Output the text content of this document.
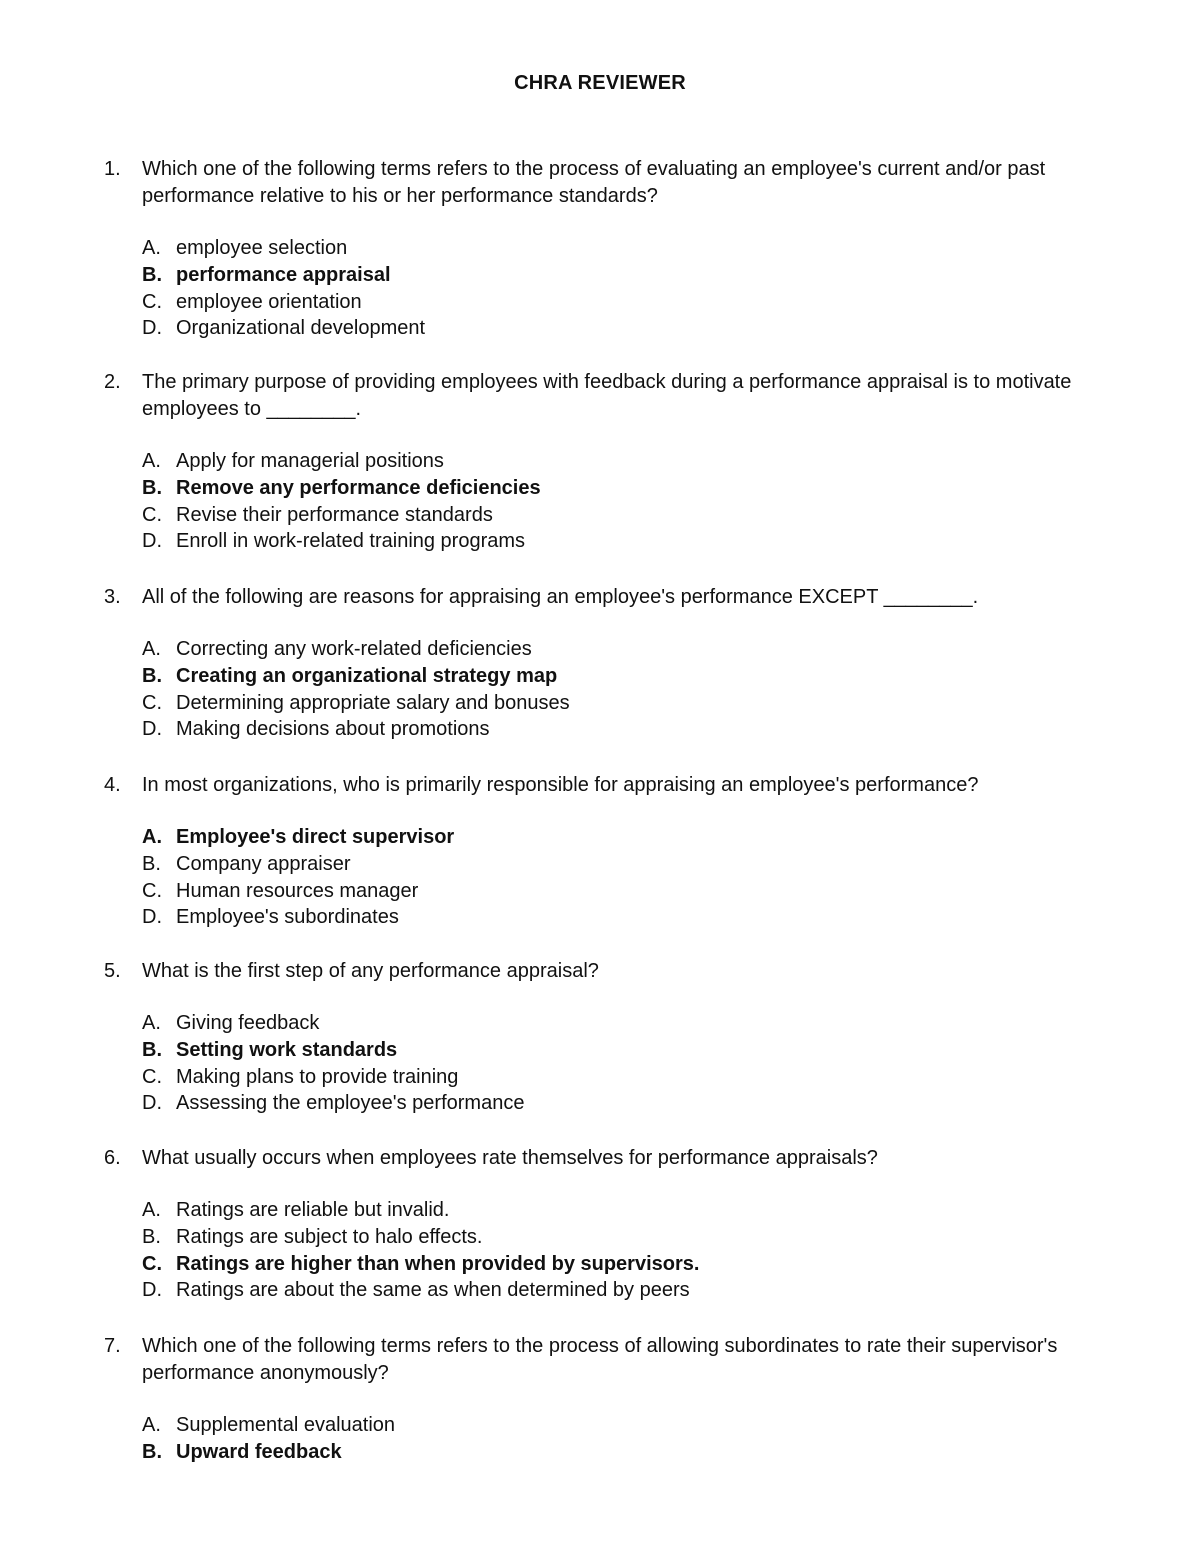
CHRA REVIEWER
1.	Which one of the following terms refers to the process of evaluating an employee's current and/or past performance relative to his or her performance standards?
A. employee selection
B. performance appraisal
C. employee orientation
D. Organizational development
2.	The primary purpose of providing employees with feedback during a performance appraisal is to motivate employees to ________.
A. Apply for managerial positions
B. Remove any performance deficiencies
C. Revise their performance standards
D. Enroll in work-related training programs
3.	All of the following are reasons for appraising an employee's performance EXCEPT ________.
A. Correcting any work-related deficiencies
B. Creating an organizational strategy map
C. Determining appropriate salary and bonuses
D. Making decisions about promotions
4.	In most organizations, who is primarily responsible for appraising an employee's performance?
A. Employee's direct supervisor
B. Company appraiser
C. Human resources manager
D. Employee's subordinates
5.	What is the first step of any performance appraisal?
A. Giving feedback
B. Setting work standards
C. Making plans to provide training
D. Assessing the employee's performance
6.	What usually occurs when employees rate themselves for performance appraisals?
A. Ratings are reliable but invalid.
B. Ratings are subject to halo effects.
C. Ratings are higher than when provided by supervisors.
D. Ratings are about the same as when determined by peers
7.	Which one of the following terms refers to the process of allowing subordinates to rate their supervisor's performance anonymously?
A. Supplemental evaluation
B. Upward feedback
